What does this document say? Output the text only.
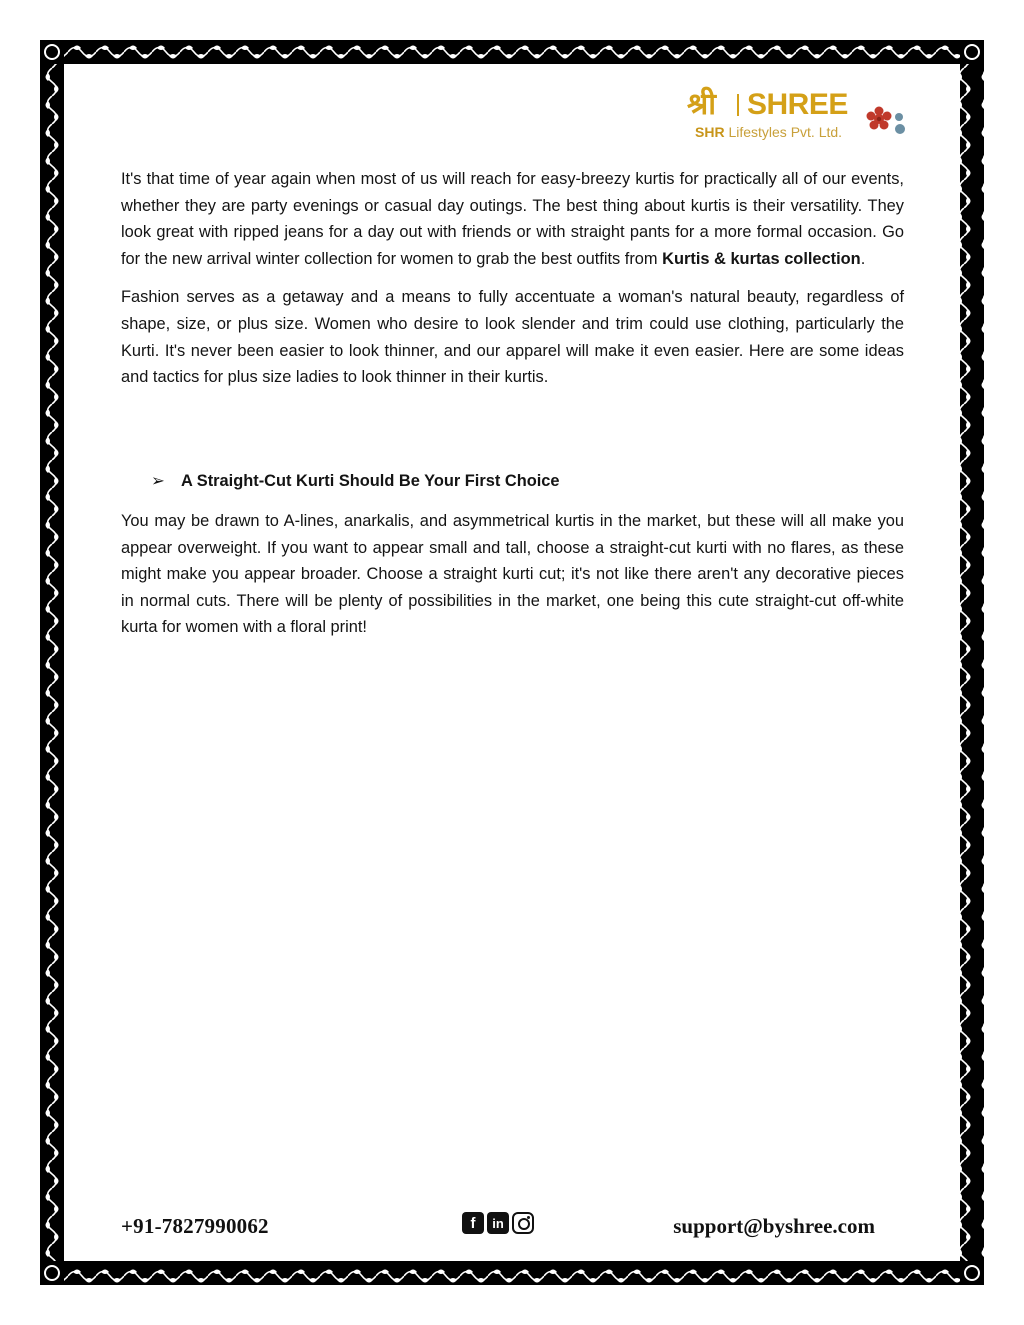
श्री SHREE
SHR Lifestyles Pvt. Ltd.

It's that time of year again when most of us will reach for easy-breezy kurtis for practically all of our events, whether they are party evenings or casual day outings. The best thing about kurtis is their versatility. They look great with ripped jeans for a day out with friends or with straight pants for a more formal occasion. Go for the new arrival winter collection for women to grab the best outfits from Kurtis & kurtas collection.

Fashion serves as a getaway and a means to fully accentuate a woman's natural beauty, regardless of shape, size, or plus size. Women who desire to look slender and trim could use clothing, particularly the Kurti. It's never been easier to look thinner, and our apparel will make it even easier. Here are some ideas and tactics for plus size ladies to look thinner in their kurtis.

➢ A Straight-Cut Kurti Should Be Your First Choice

You may be drawn to A-lines, anarkalis, and asymmetrical kurtis in the market, but these will all make you appear overweight. If you want to appear small and tall, choose a straight-cut kurti with no flares, as these might make you appear broader. Choose a straight kurti cut; it's not like there aren't any decorative pieces in normal cuts. There will be plenty of possibilities in the market, one being this cute straight-cut off-white kurta for women with a floral print!

+91-7827990062	f	in	support@byshree.com
